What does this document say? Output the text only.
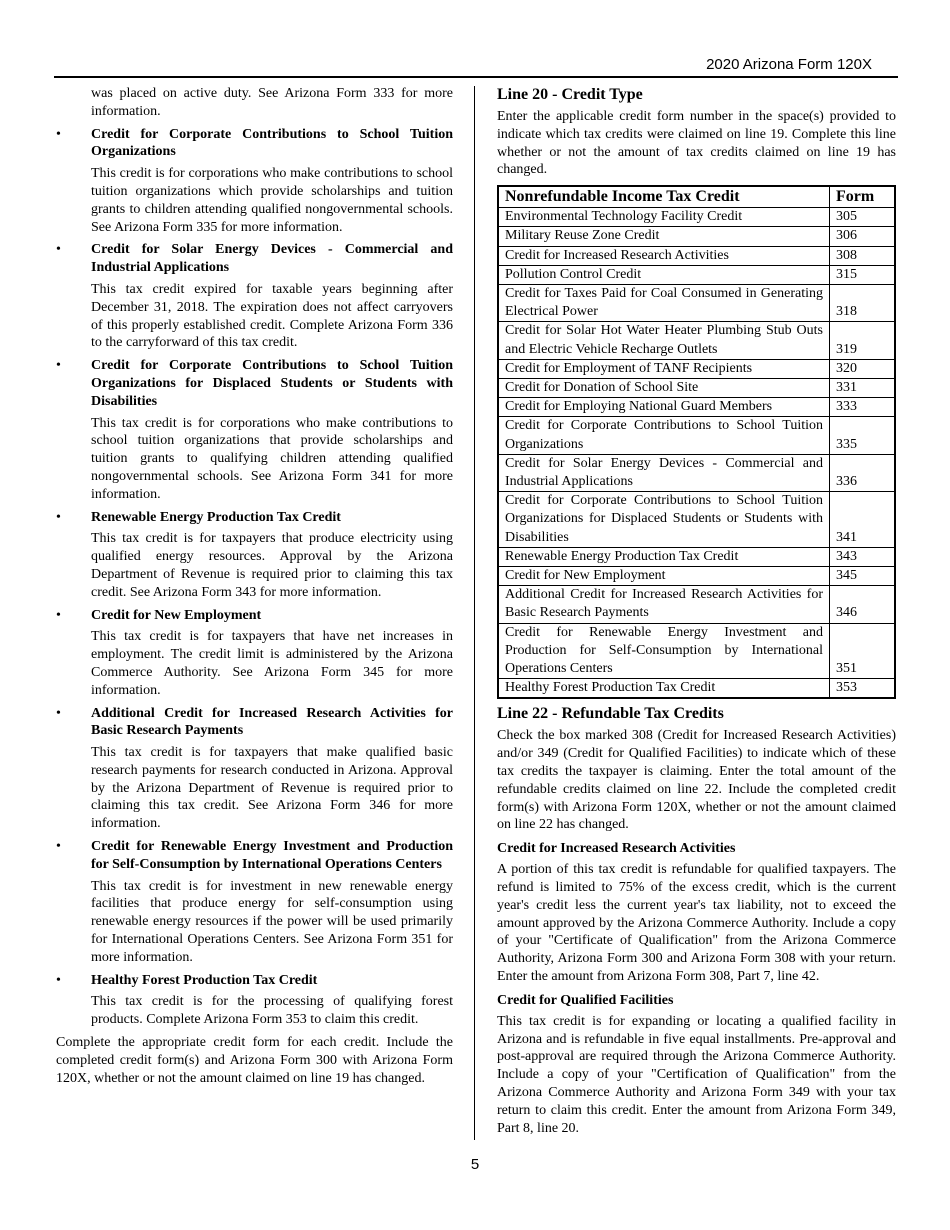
2020 Arizona Form 120X

was placed on active duty. See Arizona Form 333 for more information.

•	Credit for Corporate Contributions to School Tuition Organizations

This credit is for corporations who make contributions to school tuition organizations which provide scholarships and tuition grants to children attending qualified nongovernmental schools. See Arizona Form 335 for more information.

•	Credit for Solar Energy Devices - Commercial and Industrial Applications

This tax credit expired for taxable years beginning after December 31, 2018. The expiration does not affect carryovers of this properly established credit. Complete Arizona Form 336 to the carryforward of this tax credit.

•	Credit for Corporate Contributions to School Tuition Organizations for Displaced Students or Students with Disabilities

This tax credit is for corporations who make contributions to school tuition organizations that provide scholarships and tuition grants to qualifying children attending qualified nongovernmental schools. See Arizona Form 341 for more information.

•	Renewable Energy Production Tax Credit

This tax credit is for taxpayers that produce electricity using qualified energy resources. Approval by the Arizona Department of Revenue is required prior to claiming this tax credit. See Arizona Form 343 for more information.

•	Credit for New Employment

This tax credit is for taxpayers that have net increases in employment. The credit limit is administered by the Arizona Commerce Authority. See Arizona Form 345 for more information.

•	Additional Credit for Increased Research Activities for Basic Research Payments

This tax credit is for taxpayers that make qualified basic research payments for research conducted in Arizona. Approval by the Arizona Department of Revenue is required prior to claiming this tax credit. See Arizona Form 346 for more information.

•	Credit for Renewable Energy Investment and Production for Self-Consumption by International Operations Centers

This tax credit is for investment in new renewable energy facilities that produce energy for self-consumption using renewable energy resources if the power will be used primarily for International Operations Centers. See Arizona Form 351 for more information.

•	Healthy Forest Production Tax Credit

This tax credit is for the processing of qualifying forest products. Complete Arizona Form 353 to claim this credit.

Complete the appropriate credit form for each credit. Include the completed credit form(s) and Arizona Form 300 with Arizona Form 120X, whether or not the amount claimed on line 19 has changed.

Line 20 - Credit Type

Enter the applicable credit form number in the space(s) provided to indicate which tax credits were claimed on line 19. Complete this line whether or not the amount of tax credits claimed on line 19 has changed.

Nonrefundable Income Tax Credit	Form
Environmental Technology Facility Credit	305
Military Reuse Zone Credit	306
Credit for Increased Research Activities	308
Pollution Control Credit	315
Credit for Taxes Paid for Coal Consumed in Generating Electrical Power	318
Credit for Solar Hot Water Heater Plumbing Stub Outs and Electric Vehicle Recharge Outlets	319
Credit for Employment of TANF Recipients	320
Credit for Donation of School Site	331
Credit for Employing National Guard Members	333
Credit for Corporate Contributions to School Tuition Organizations	335
Credit for Solar Energy Devices - Commercial and Industrial Applications	336
Credit for Corporate Contributions to School Tuition Organizations for Displaced Students or Students with Disabilities	341
Renewable Energy Production Tax Credit	343
Credit for New Employment	345
Additional Credit for Increased Research Activities for Basic Research Payments	346
Credit for Renewable Energy Investment and Production for Self-Consumption by International Operations Centers	351
Healthy Forest Production Tax Credit	353
Line 22 - Refundable Tax Credits

Check the box marked 308 (Credit for Increased Research Activities) and/or 349 (Credit for Qualified Facilities) to indicate which of these tax credits the taxpayer is claiming. Enter the total amount of the refundable credits claimed on line 22. Include the completed credit form(s) with Arizona Form 120X, whether or not the amount claimed on line 22 has changed.

Credit for Increased Research Activities

A portion of this tax credit is refundable for qualified taxpayers. The refund is limited to 75% of the excess credit, which is the current year's credit less the current year's tax liability, not to exceed the amount approved by the Arizona Commerce Authority. Include a copy of your "Certificate of Qualification" from the Arizona Commerce Authority, Arizona Form 300 and Arizona Form 308 with your return. Enter the amount from Arizona Form 308, Part 7, line 42.

Credit for Qualified Facilities

This tax credit is for expanding or locating a qualified facility in Arizona and is refundable in five equal installments. Pre-approval and post-approval are required through the Arizona Commerce Authority. Include a copy of your "Certification of Qualification" from the Arizona Commerce Authority and Arizona Form 349 with your tax return to claim this credit. Enter the amount from Arizona Form 349, Part 8, line 20.

5
